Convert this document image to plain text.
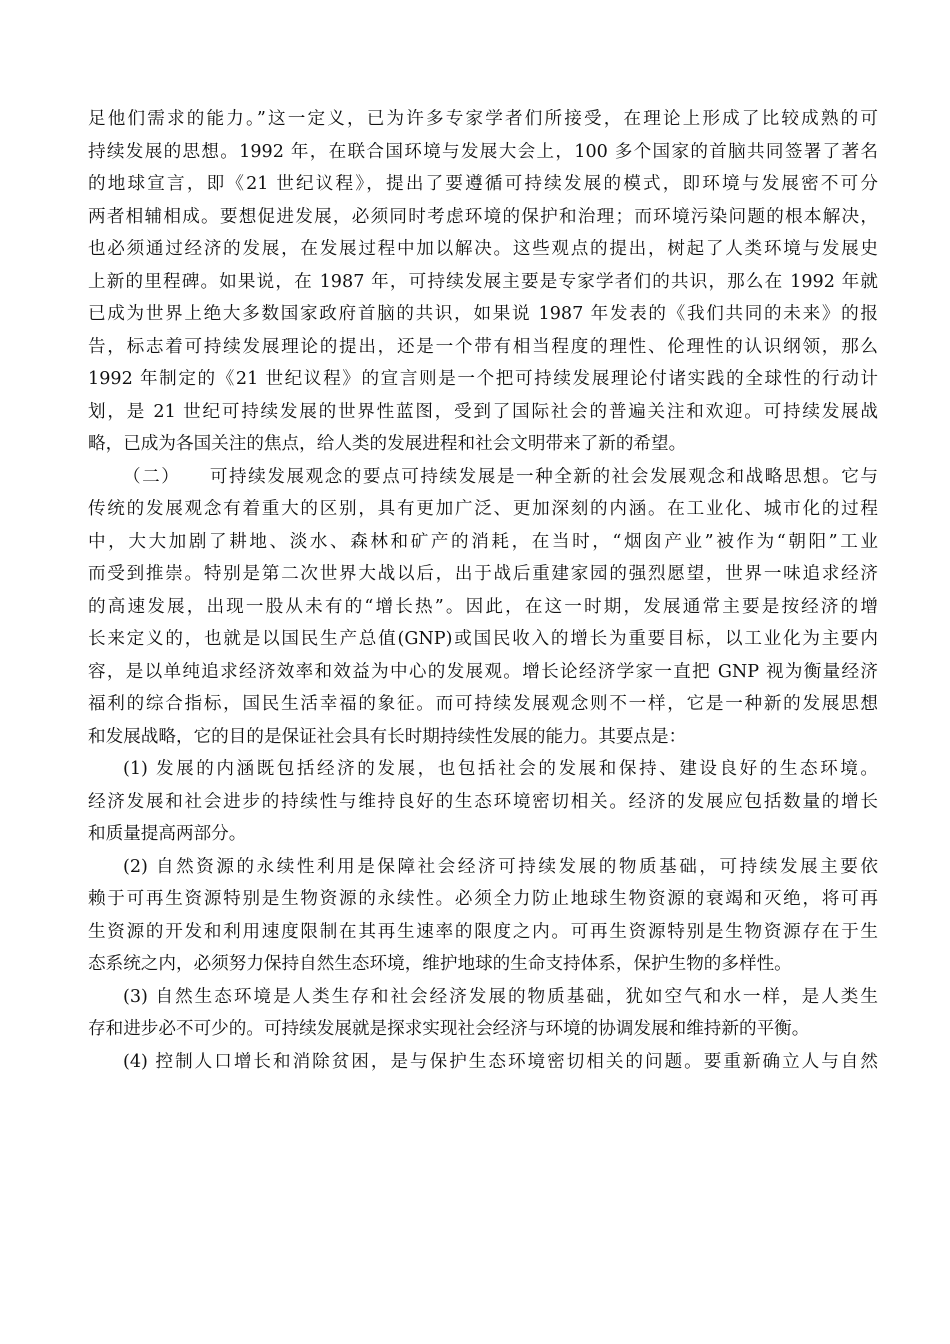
足他们需求的能力。”这一定义，已为许多专家学者们所接受，在理论上形成了比较成熟的可
持续发展的思想。1992 年，在联合国环境与发展大会上，100 多个国家的首脑共同签署了著名
的地球宣言，即《21 世纪议程》，提出了要遵循可持续发展的模式，即环境与发展密不可分
两者相辅相成。要想促进发展，必须同时考虑环境的保护和治理；而环境污染问题的根本解决，
也必须通过经济的发展，在发展过程中加以解决。这些观点的提出，树起了人类环境与发展史
上新的里程碑。如果说，在 1987 年，可持续发展主要是专家学者们的共识，那么在 1992 年就
已成为世界上绝大多数国家政府首脑的共识，如果说 1987 年发表的《我们共同的未来》的报
告，标志着可持续发展理论的提出，还是一个带有相当程度的理性、伦理性的认识纲领，那么
1992 年制定的《21 世纪议程》的宣言则是一个把可持续发展理论付诸实践的全球性的行动计
划，是 21 世纪可持续发展的世界性蓝图，受到了国际社会的普遍关注和欢迎。可持续发展战
略，已成为各国关注的焦点，给人类的发展进程和社会文明带来了新的希望。
（二）　　可持续发展观念的要点可持续发展是一种全新的社会发展观念和战略思想。它与
传统的发展观念有着重大的区别，具有更加广泛、更加深刻的内涵。在工业化、城市化的过程
中，大大加剧了耕地、淡水、森林和矿产的消耗，在当时，“烟囱产业”被作为“朝阳”工业
而受到推崇。特别是第二次世界大战以后，出于战后重建家园的强烈愿望，世界一味追求经济
的高速发展，出现一股从未有的“增长热”。因此，在这一时期，发展通常主要是按经济的增
长来定义的，也就是以国民生产总值(GNP)或国民收入的增长为重要目标，以工业化为主要内
容，是以单纯追求经济效率和效益为中心的发展观。增长论经济学家一直把 GNP 视为衡量经济
福利的综合指标，国民生活幸福的象征。而可持续发展观念则不一样，它是一种新的发展思想
和发展战略，它的目的是保证社会具有长时期持续性发展的能力。其要点是：
(1) 发展的内涵既包括经济的发展，也包括社会的发展和保持、建设良好的生态环境。
经济发展和社会进步的持续性与维持良好的生态环境密切相关。经济的发展应包括数量的增长
和质量提高两部分。
(2) 自然资源的永续性利用是保障社会经济可持续发展的物质基础，可持续发展主要依
赖于可再生资源特别是生物资源的永续性。必须全力防止地球生物资源的衰竭和灭绝，将可再
生资源的开发和利用速度限制在其再生速率的限度之内。可再生资源特别是生物资源存在于生
态系统之内，必须努力保持自然生态环境，维护地球的生命支持体系，保护生物的多样性。
(3) 自然生态环境是人类生存和社会经济发展的物质基础，犹如空气和水一样，是人类生
存和进步必不可少的。可持续发展就是探求实现社会经济与环境的协调发展和维持新的平衡。
(4) 控制人口增长和消除贫困，是与保护生态环境密切相关的问题。要重新确立人与自然
